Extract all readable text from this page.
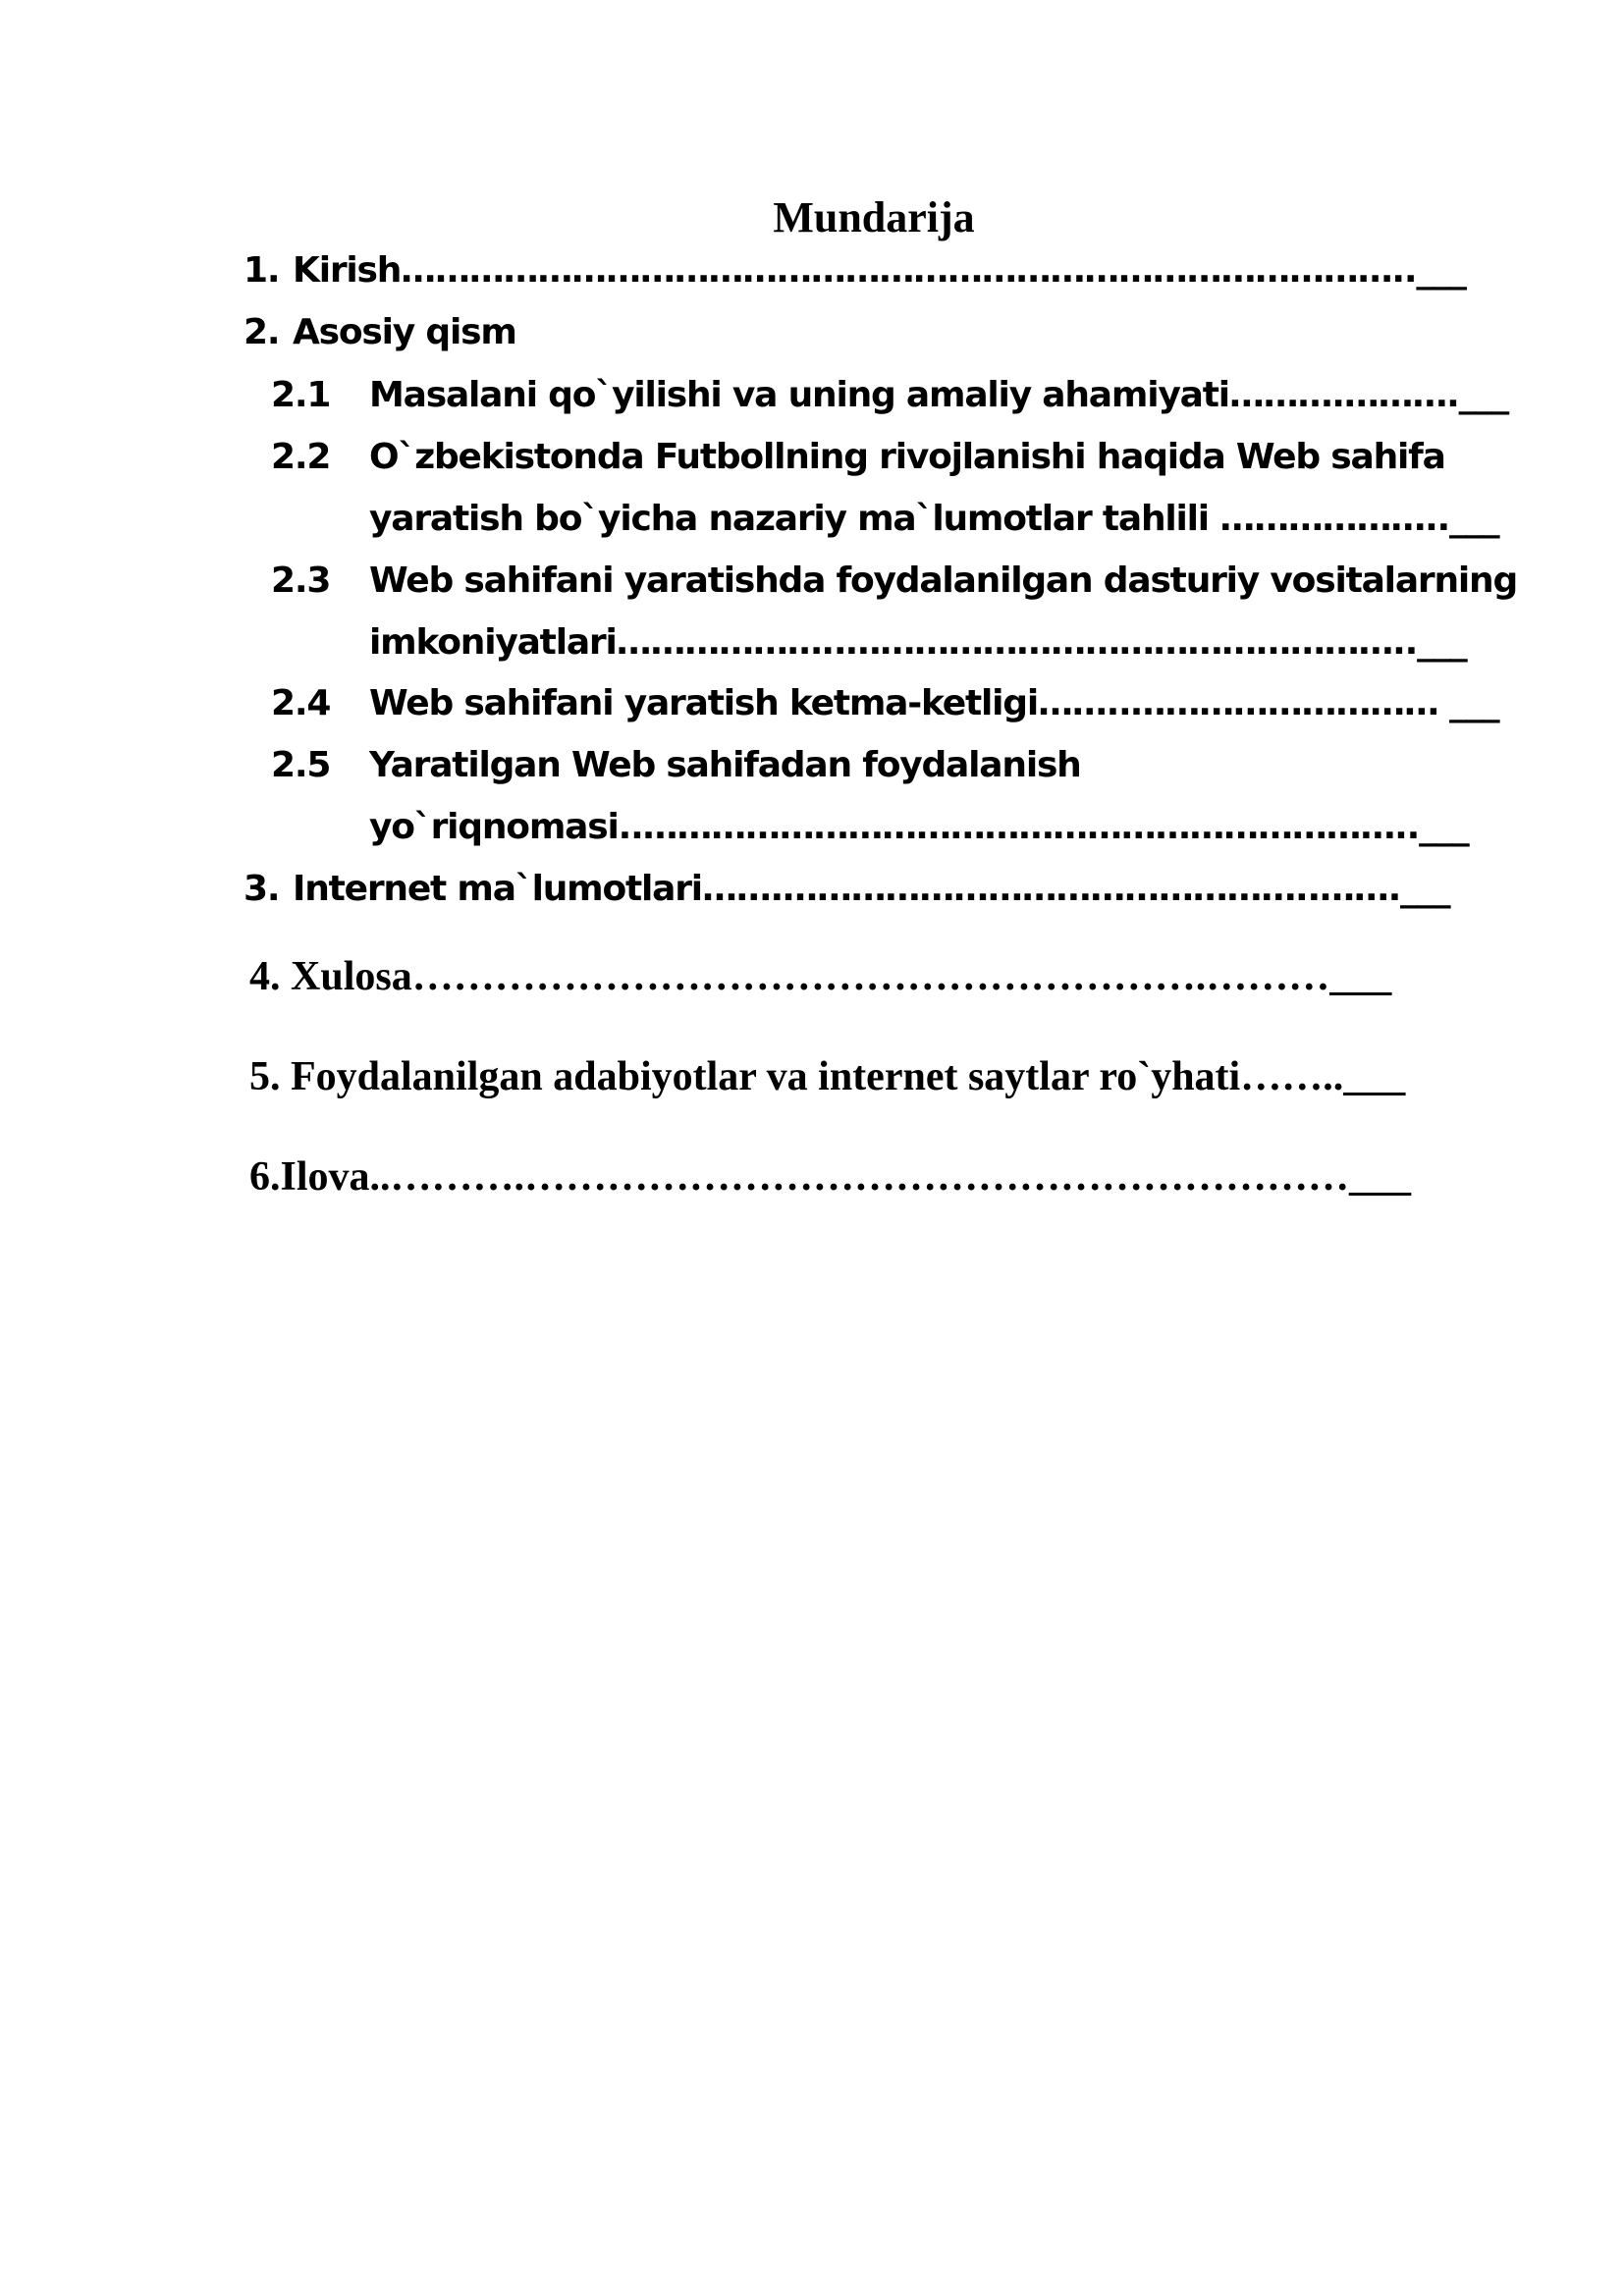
Mundarija
1. Kirish……………………………………………………………………………..___
2. Asosiy qism
2.1 Masalani qo`yilishi va uning amaliy ahamiyati……….……….___
2.2 O`zbekistonda Futbollning rivojlanishi haqida Web sahifa
yaratish bo`yicha nazariy ma`lumotlar tahlili ………………..___
2.3 Web sahifani yaratishda foydalanilgan dasturiy vositalarning
imkoniyatlari………………..…………………………………………..___
2.4 Web sahifani yaratish ketma-ketligi……..……………………… ___
2.5 Yaratilgan Web sahifadan foydalanish
yo`riqnomasi..…………………………………………………………..___
3. Internet ma`lumotlari…….………………………………………..…….___
4. Xulosa………………………………………………….………___
5. Foydalanilgan adabiyotlar va internet saytlar ro`yhati……..___
6.Ilova..……….……………………………………………………___
